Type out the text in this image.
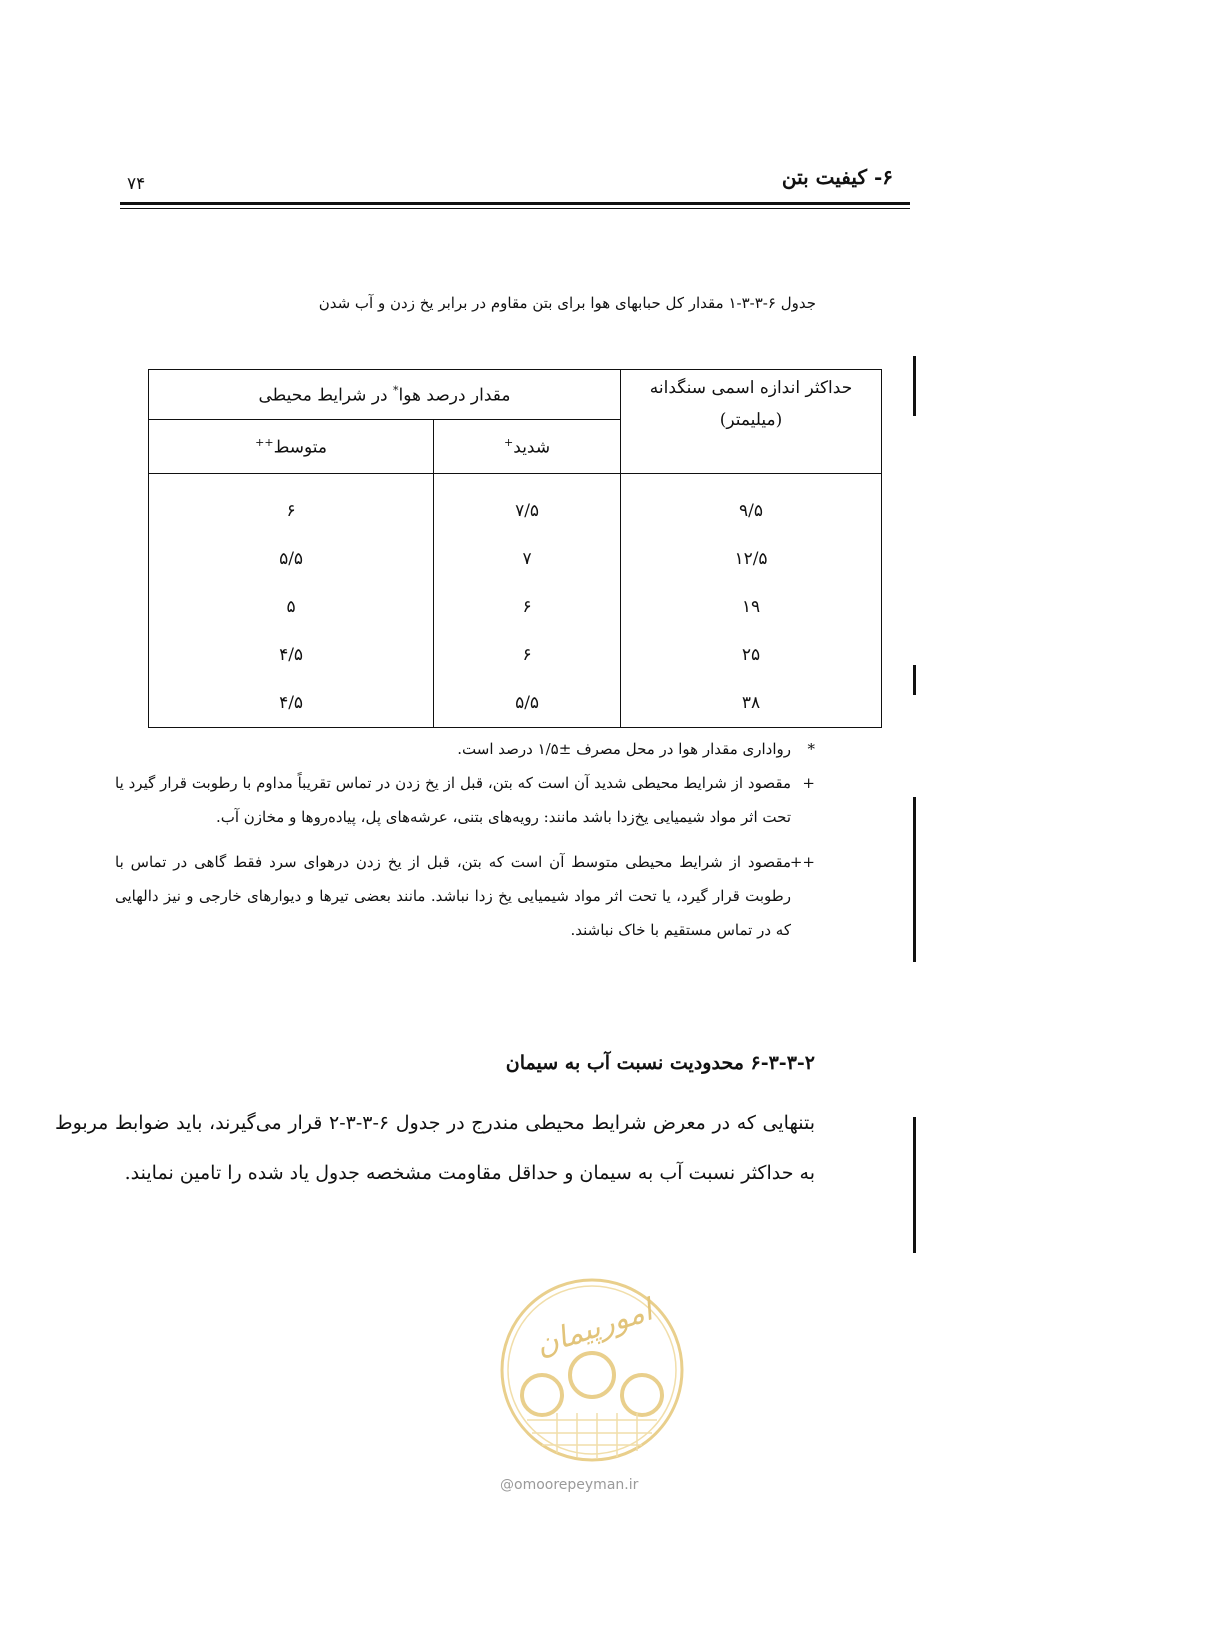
۶- کیفیت بتن
۷۴
جدول ۶-۳-۳-۱ مقدار کل حبابهای هوا برای بتن مقاوم در برابر یخ زدن و آب شدن
حداکثر اندازه اسمی سنگدانه
(میلیمتر)	مقدار درصد هوا* در شرایط محیطی	
	شدید+	متوسط++
۹/۵	۷/۵	۶
۱۲/۵	۷	۵/۵
۱۹	۶	۵
۲۵	۶	۴/۵
۳۸	۵/۵	۴/۵
*رواداری مقدار هوا در محل مصرف ±۱/۵ درصد است.
+
مقصود از شرایط محیطی شدید آن است که بتن، قبل از یخ زدن در تماس تقریباً مداوم با رطوبت قرار گیرد یا تحت اثر مواد شیمیایی یخ‌زدا باشد مانند: رویه‌های بتنی، عرشه‌های پل، پیاده‌روها و مخازن آب.
++
مقصود از شرایط محیطی متوسط آن است که بتن، قبل از یخ زدن درهوای سرد فقط گاهی در تماس با رطوبت قرار گیرد، یا تحت اثر مواد شیمیایی یخ زدا نباشد. مانند بعضی تیرها و دیوارهای خارجی و نیز دالهایی که در تماس مستقیم با خاک نباشند.
۶-۳-۳-۲ محدودیت نسبت آب به سیمان
بتنهایی که در معرض شرایط محیطی مندرج در جدول ۶-۳-۳-۲ قرار می‌گیرند، باید ضوابط مربوط به حداکثر نسبت آب به سیمان و حداقل مقاومت مشخصه جدول یاد شده را تامین نمایند.
امورپیمان
@omoorepeyman.ir
